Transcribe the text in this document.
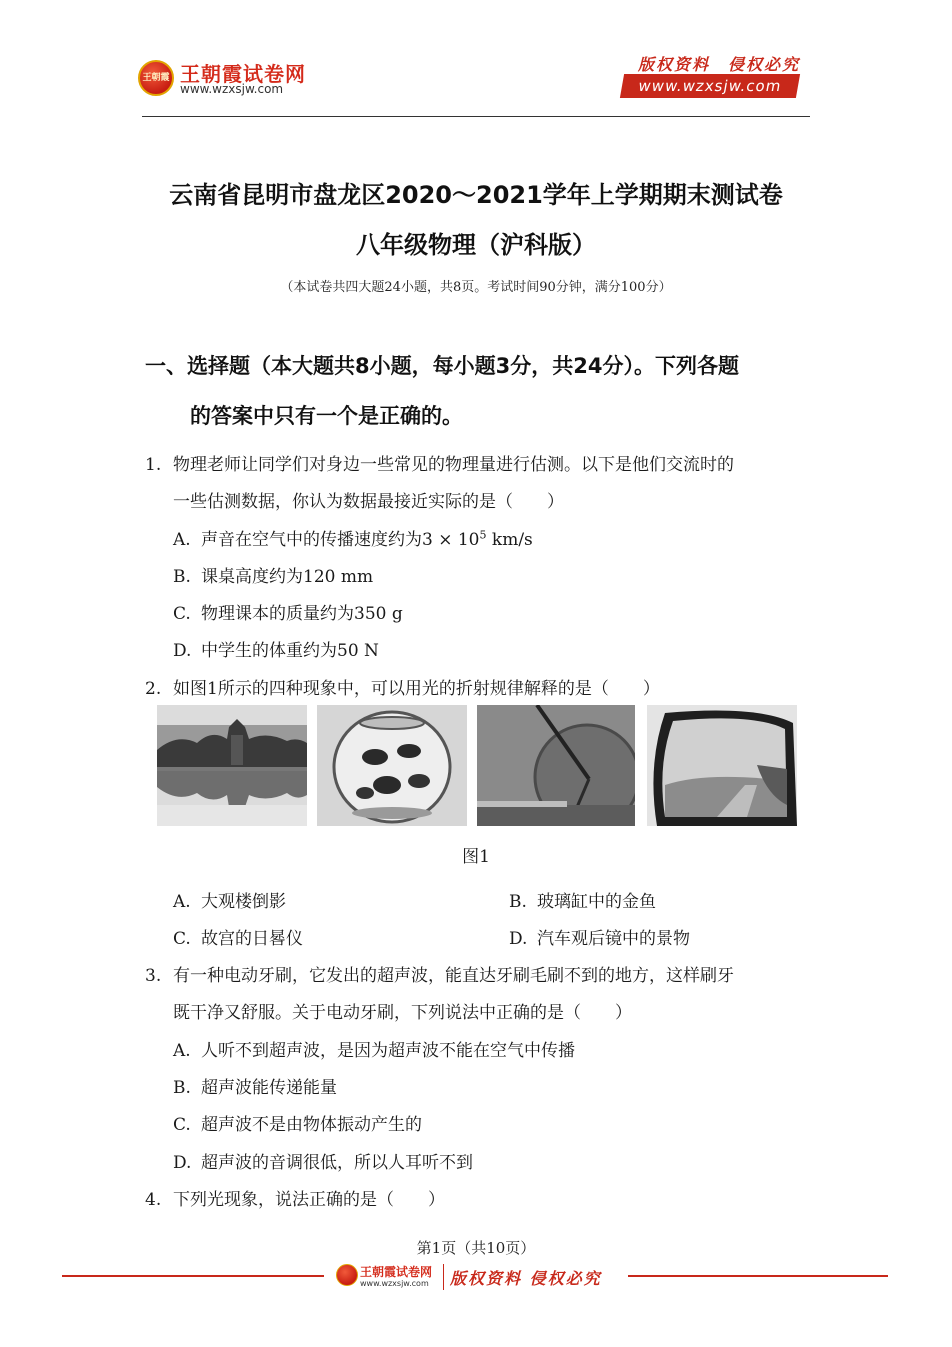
王朝霞 王朝霞试卷网
www.wzxsjw.com
版权资料　侵权必究
www.wzxsjw.com
云南省昆明市盘龙区2020～2021学年上学期期末测试卷
八年级物理（沪科版）
（本试卷共四大题24小题，共8页。考试时间90分钟，满分100分）
一、选择题（本大题共8小题，每小题3分，共24分）。下列各题
的答案中只有一个是正确的。
1. 物理老师让同学们对身边一些常见的物理量进行估测。以下是他们交流时的
一些估测数据，你认为数据最接近实际的是（　　）
A. 声音在空气中的传播速度约为$3 \times 10^5$ km/s
B. 课桌高度约为120 mm
C. 物理课本的质量约为350 g
D. 中学生的体重约为50 N
2. 如图1所示的四种现象中，可以用光的折射规律解释的是（　　）
图1
A. 大观楼倒影	B. 玻璃缸中的金鱼
C. 故宫的日晷仪	D. 汽车观后镜中的景物
3. 有一种电动牙刷，它发出的超声波，能直达牙刷毛刷不到的地方，这样刷牙
既干净又舒服。关于电动牙刷，下列说法中正确的是（　　）
A. 人听不到超声波，是因为超声波不能在空气中传播
B. 超声波能传递能量
C. 超声波不是由物体振动产生的
D. 超声波的音调很低，所以人耳听不到
4. 下列光现象，说法正确的是（　　）
第1页（共10页）
王朝霞试卷网
www.wzxsjw.com 版权资料 侵权必究
